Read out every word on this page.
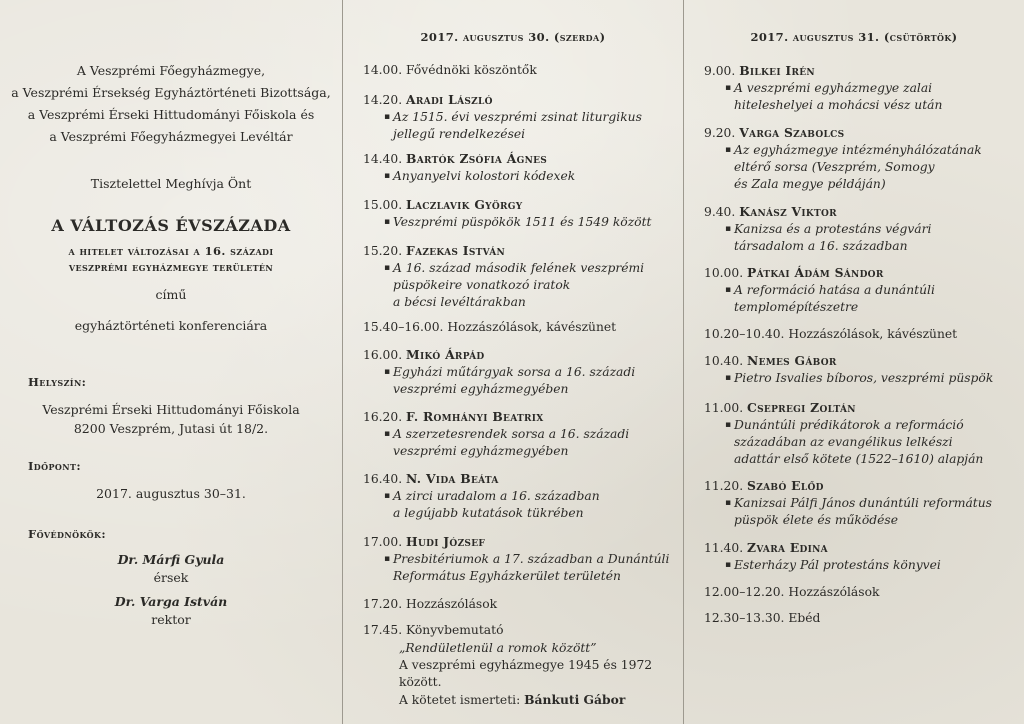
A Veszprémi Főegyházmegye,
a Veszprémi Érsekség Egyháztörténeti Bizottsága,
a Veszprémi Érseki Hittudományi Főiskola és
a Veszprémi Főegyházmegyei Levéltár
Tisztelettel Meghívja Önt
A VÁLTOZÁS ÉVSZÁZADA
a hitelet változásai a 16. századi
veszprémi egyházmegye területén
című
egyháztörténeti konferenciára
Helyszín:
Veszprémi Érseki Hittudományi Főiskola
8200 Veszprém, Jutasi út 18/2.
Időpont:
2017. augusztus 30–31.
Fővédnökök:
Dr. Márfi Gyula
érsek
Dr. Varga István
rektor
2017. augusztus 30. (szerda)
14.00. Fővédnöki köszöntők
14.20. Aradi László
▪ Az 1515. évi veszprémi zsinat liturgikus
jellegű rendelkezései
14.40. Bartók Zsófia Ágnes
▪ Anyanyelvi kolostori kódexek
15.00. Laczlavik György
▪ Veszprémi püspökök 1511 és 1549 között
15.20. Fazekas István
▪ A 16. század második felének veszprémi
püspökeire vonatkozó iratok
a bécsi levéltárakban
15.40–16.00. Hozzászólások, kávészünet
16.00. Mikó Árpád
▪ Egyházi műtárgyak sorsa a 16. századi
veszprémi egyházmegyében
16.20. F. Romhányi Beatrix
▪ A szerzetesrendek sorsa a 16. századi
veszprémi egyházmegyében
16.40. N. Vida Beáta
▪ A zirci uradalom a 16. században
a legújabb kutatások tükrében
17.00. Hudi József
▪ Presbitériumok a 17. században a Dunántúli
Református Egyházkerület területén
17.20. Hozzászólások
17.45. Könyvbemutató
„Rendületlenül a romok között”
A veszprémi egyházmegye 1945 és 1972 között.
A kötetet ismerteti: Bánkuti Gábor
2017. augusztus 31. (csütörtök)
9.00. Bilkei Irén
▪ A veszprémi egyházmegye zalai
hiteleshelyei a mohácsi vész után
9.20. Varga Szabolcs
▪ Az egyházmegye intézményhálózatának
eltérő sorsa (Veszprém, Somogy
és Zala megye példáján)
9.40. Kanász Viktor
▪ Kanizsa és a protestáns végvári
társadalom a 16. században
10.00. Pátkai Ádám Sándor
▪ A reformáció hatása a dunántúli
templomépítészetre
10.20–10.40. Hozzászólások, kávészünet
10.40. Nemes Gábor
▪ Pietro Isvalies bíboros, veszprémi püspök
11.00. Csepregi Zoltán
▪ Dunántúli prédikátorok a reformáció
századában az evangélikus lelkészi
adattár első kötete (1522–1610) alapján
11.20. Szabó Előd
▪ Kanizsai Pálfi János dunántúli református
püspök élete és működése
11.40. Zvara Edina
▪ Esterházy Pál protestáns könyvei
12.00–12.20. Hozzászólások
12.30–13.30. Ebéd
